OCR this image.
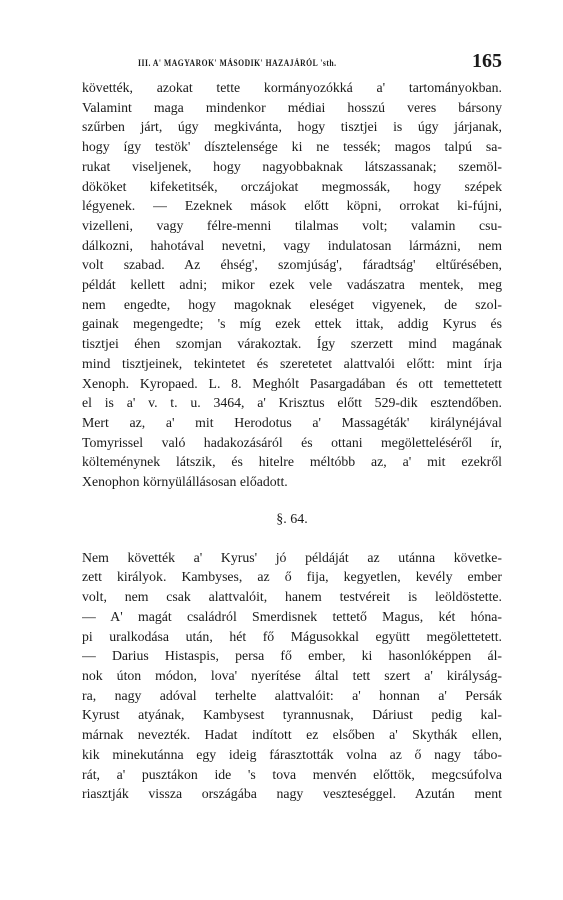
III. A' MAGYAROK' MÁSODIK' HAZAJÁRÓL 'sth.	165
követték, azokat tette kormányozókká a' tartományokban.
Valamint maga mindenkor médiai hosszú veres bársony
szűrben járt, úgy megkivánta, hogy tisztjei is úgy járjanak,
hogy így testök' dísztelensége ki ne tessék; magos talpú sa-
rukat viseljenek, hogy nagyobbaknak látszassanak; szemöl-
dököket kifeketitsék, orczájokat megmossák, hogy szépek
légyenek. — Ezeknek mások előtt köpni, orrokat ki-fújni,
vizelleni, vagy félre-menni tilalmas volt; valamin csu-
dálkozni, hahotával nevetni, vagy indulatosan lármázni, nem
volt szabad. Az éhség', szomjúság', fáradtság' eltűrésében,
példát kellett adni; mikor ezek vele vadászatra mentek, meg
nem engedte, hogy magoknak eleséget vigyenek, de szol-
gainak megengedte; 's míg ezek ettek ittak, addig Kyrus és
tisztjei éhen szomjan várakoztak. Így szerzett mind magának
mind tisztjeinek, tekintetet és szeretetet alattvalói előtt: mint írja
Xenoph. Kyropaed. L. 8. Meghólt Pasargadában és ott temettetett
el is a' v. t. u. 3464, a' Krisztus előtt 529-dik esztendőben.
Mert az, a' mit Herodotus a' Massagéták' királynéjával
Tomyrissel való hadakozásáról és ottani megöletteléséről ír,
költeménynek látszik, és hitelre méltóbb az, a' mit ezekről
Xenophon környülállásosan előadott.
§. 64.
Nem követték a' Kyrus' jó példáját az utánna követke-
zett királyok. Kambyses, az ő fija, kegyetlen, kevély ember
volt, nem csak alattvalóit, hanem testvéreit is leöldöstette.
— A' magát családról Smerdisnek tettető Magus, két hóna-
pi uralkodása után, hét fő Mágusokkal együtt megölettetett.
— Darius Histaspis, persa fő ember, ki hasonlóképpen ál-
nok úton módon, lova' nyerítése által tett szert a' királyság-
ra, nagy adóval terhelte alattvalóit: a' honnan a' Persák
Kyrust atyának, Kambysest tyrannusnak, Dáriust pedig kal-
márnak nevezték. Hadat indított ez elsőben a' Skythák ellen,
kik minekutánna egy ideig fárasztották volna az ő nagy tábo-
rát, a' pusztákon ide 's tova menvén előttök, megcsúfolva
riasztják vissza országába nagy veszteséggel. Azután ment
